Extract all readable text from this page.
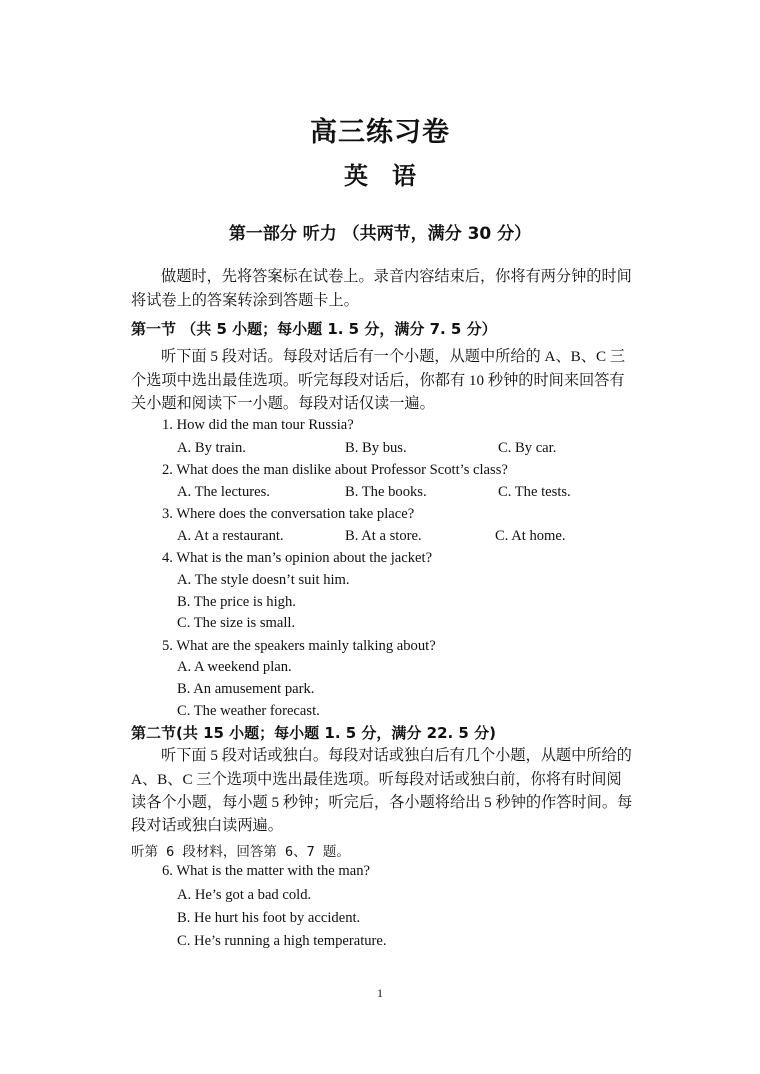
高三练习卷
英　语
第一部分 听力 （共两节，满分 30 分）
做题时，先将答案标在试卷上。录音内容结束后，你将有两分钟的时间
将试卷上的答案转涂到答题卡上。
第一节 （共 5 小题；每小题 1. 5 分，满分 7. 5 分）
听下面 5 段对话。每段对话后有一个小题，从题中所给的 A、B、C 三
个选项中选出最佳选项。听完每段对话后，你都有 10 秒钟的时间来回答有
关小题和阅读下一小题。每段对话仅读一遍。
1. How did the man tour Russia?
A. By train.	B. By bus.	C. By car.
2. What does the man dislike about Professor Scott’s class?
A. The lectures.	B. The books.	C. The tests.
3. Where does the conversation take place?
A. At a restaurant.	B. At a store.	C. At home.
4. What is the man’s opinion about the jacket?
A. The style doesn’t suit him.
B. The price is high.
C. The size is small.
5. What are the speakers mainly talking about?
A. A weekend plan.
B. An amusement park.
C. The weather forecast.
第二节(共 15 小题；每小题 1. 5 分，满分 22. 5 分)
听下面 5 段对话或独白。每段对话或独白后有几个小题，从题中所给的
A、B、C 三个选项中选出最佳选项。听每段对话或独白前，你将有时间阅
读各个小题，每小题 5 秒钟；听完后，各小题将给出 5 秒钟的作答时间。每
段对话或独白读两遍。
听第 6 段材料，回答第 6、7 题。
6. What is the matter with the man?
A. He’s got a bad cold.
B. He hurt his foot by accident.
C. He’s running a high temperature.
1
